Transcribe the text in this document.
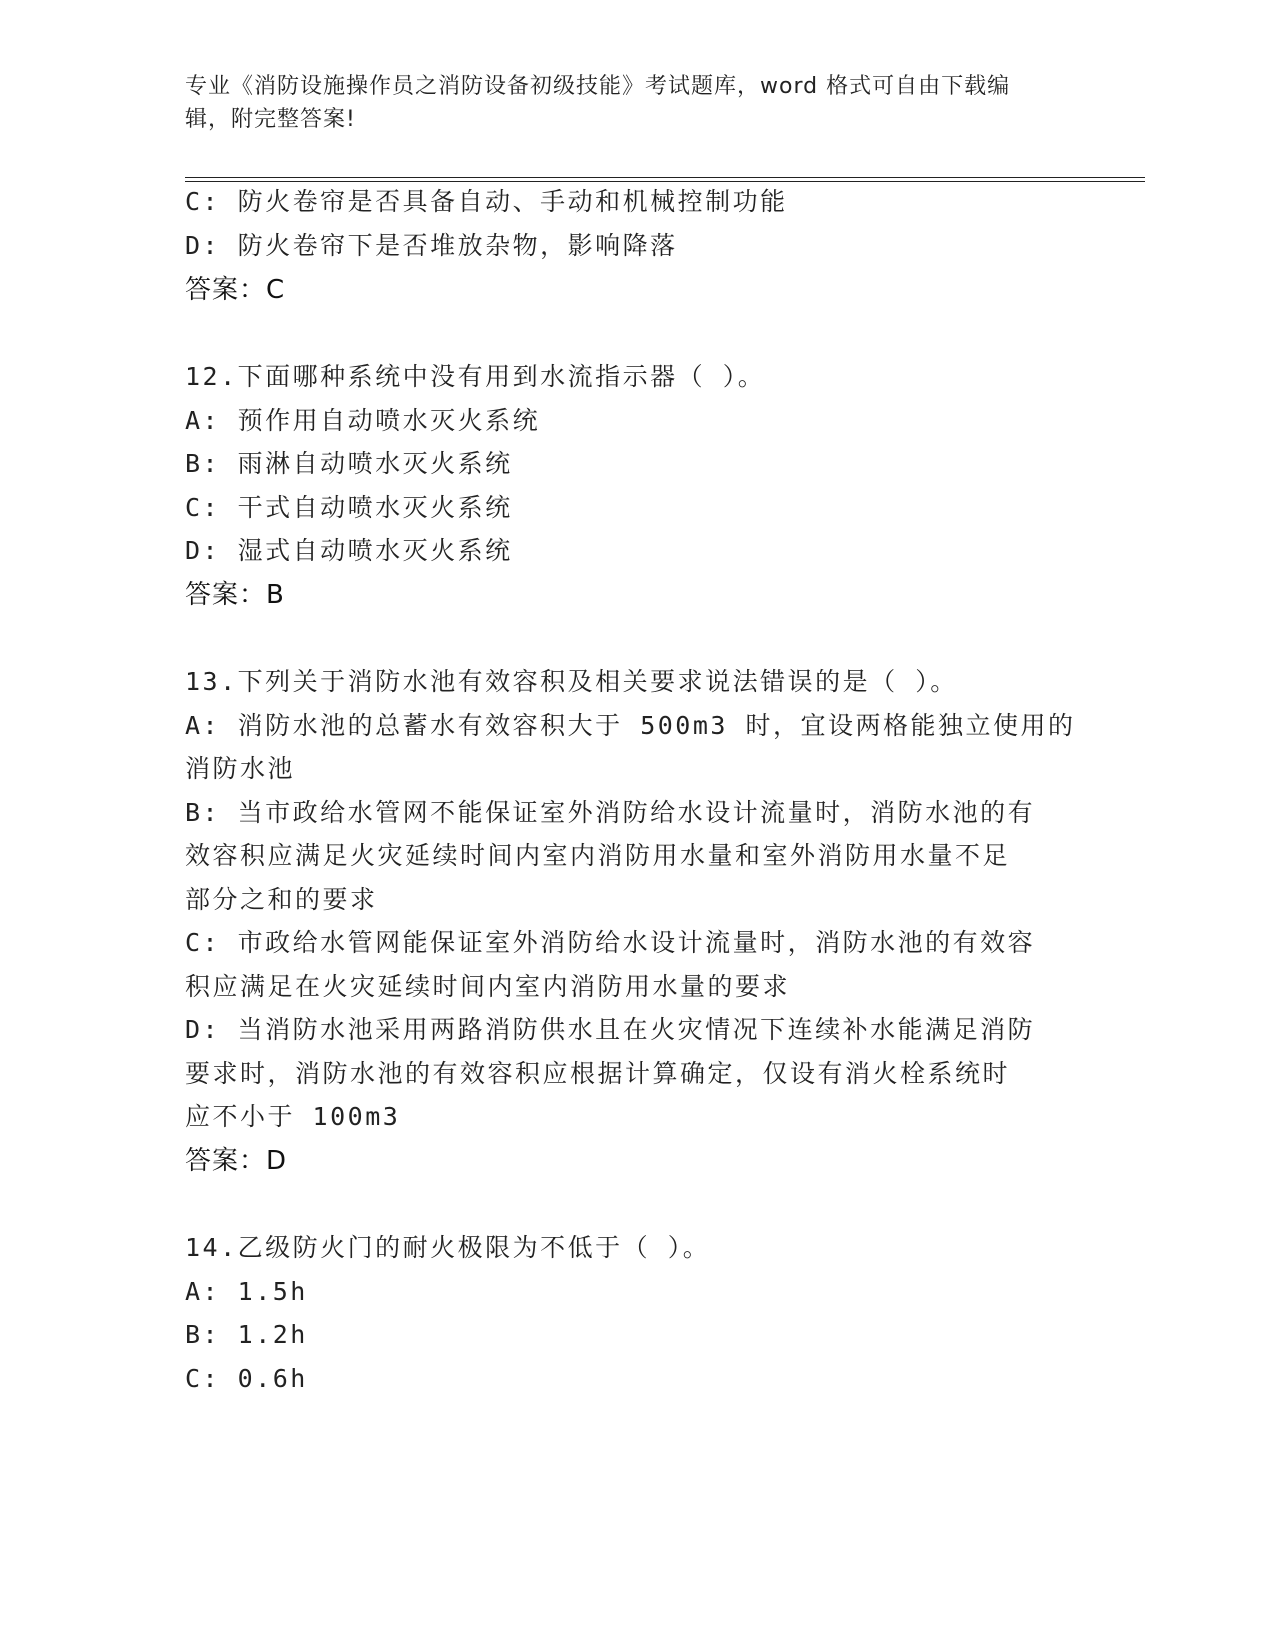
专业《消防设施操作员之消防设备初级技能》考试题库，word 格式可自由下载编
辑，附完整答案!
C: 防火卷帘是否具备自动、手动和机械控制功能
D: 防火卷帘下是否堆放杂物，影响降落
答案：C
12.下面哪种系统中没有用到水流指示器（ ）。
A: 预作用自动喷水灭火系统
B: 雨淋自动喷水灭火系统
C: 干式自动喷水灭火系统
D: 湿式自动喷水灭火系统
答案：B
13.下列关于消防水池有效容积及相关要求说法错误的是（ ）。
A: 消防水池的总蓄水有效容积大于 500m3 时，宜设两格能独立使用的
消防水池
B: 当市政给水管网不能保证室外消防给水设计流量时，消防水池的有
效容积应满足火灾延续时间内室内消防用水量和室外消防用水量不足
部分之和的要求
C: 市政给水管网能保证室外消防给水设计流量时，消防水池的有效容
积应满足在火灾延续时间内室内消防用水量的要求
D: 当消防水池采用两路消防供水且在火灾情况下连续补水能满足消防
要求时，消防水池的有效容积应根据计算确定，仅设有消火栓系统时
应不小于 100m3
答案：D
14.乙级防火门的耐火极限为不低于（ ）。
A: 1.5h
B: 1.2h
C: 0.6h
